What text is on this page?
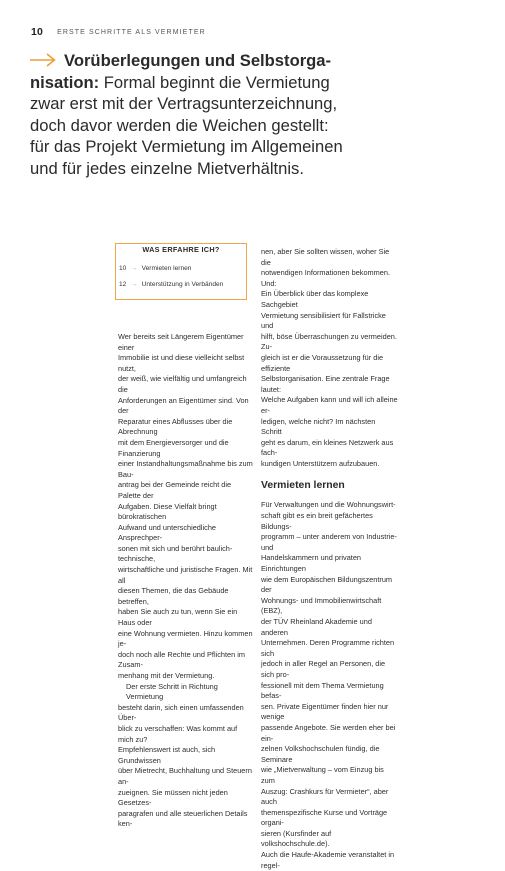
10 ERSTE SCHRITTE ALS VERMIETER
Vorüberlegungen und Selbstorga-
nisation: Formal beginnt die Vermietung
zwar erst mit der Vertragsunterzeichnung,
doch davor werden die Weichen gestellt:
für das Projekt Vermietung im Allgemeinen
und für jedes einzelne Mietverhältnis.
WAS ERFAHRE ICH?
10 → Vermieten lernen
12 → Unterstützung in Verbänden
Wer bereits seit Längerem Eigentümer einer
Immobilie ist und diese vielleicht selbst nutzt,
der weiß, wie vielfältig und umfangreich die
Anforderungen an Eigentümer sind. Von der
Reparatur eines Abflusses über die Abrechnung
mit dem Energieversorger und die Finanzierung
einer Instandhaltungsmaßnahme bis zum Bau-
antrag bei der Gemeinde reicht die Palette der
Aufgaben. Diese Vielfalt bringt bürokratischen
Aufwand und unterschiedliche Ansprechper-
sonen mit sich und berührt baulich-technische,
wirtschaftliche und juristische Fragen. Mit all
diesen Themen, die das Gebäude betreffen,
haben Sie auch zu tun, wenn Sie ein Haus oder
eine Wohnung vermieten. Hinzu kommen je-
doch noch alle Rechte und Pflichten im Zusam-
menhang mit der Vermietung.
Der erste Schritt in Richtung Vermietung
besteht darin, sich einen umfassenden Über-
blick zu verschaffen: Was kommt auf mich zu?
Empfehlenswert ist auch, sich Grundwissen
über Mietrecht, Buchhaltung und Steuern an-
zueignen. Sie müssen nicht jeden Gesetzes-
paragrafen und alle steuerlichen Details ken-
nen, aber Sie sollten wissen, woher Sie die
notwendigen Informationen bekommen. Und:
Ein Überblick über das komplexe Sachgebiet
Vermietung sensibilisiert für Fallstricke und
hilft, böse Überraschungen zu vermeiden. Zu-
gleich ist er die Voraussetzung für die effiziente
Selbstorganisation. Eine zentrale Frage lautet:
Welche Aufgaben kann und will ich alleine er-
ledigen, welche nicht? Im nächsten Schritt
geht es darum, ein kleines Netzwerk aus fach-
kundigen Unterstützern aufzubauen.
Vermieten lernen
Für Verwaltungen und die Wohnungswirt-
schaft gibt es ein breit gefächertes Bildungs-
programm – unter anderem von Industrie- und
Handelskammern und privaten Einrichtungen
wie dem Europäischen Bildungszentrum der
Wohnungs- und Immobilienwirtschaft (EBZ),
der TÜV Rheinland Akademie und anderen
Unternehmen. Deren Programme richten sich
jedoch in aller Regel an Personen, die sich pro-
fessionell mit dem Thema Vermietung befas-
sen. Private Eigentümer finden hier nur wenige
passende Angebote. Sie werden eher bei ein-
zelnen Volkshochschulen fündig, die Seminare
wie „Mietverwaltung – vom Einzug bis zum
Auszug: Crashkurs für Vermieter“, aber auch
themenspezifische Kurse und Vorträge organi-
sieren (Kursfinder auf volkshochschule.de).
Auch die Haufe-Akademie veranstaltet in regel-
